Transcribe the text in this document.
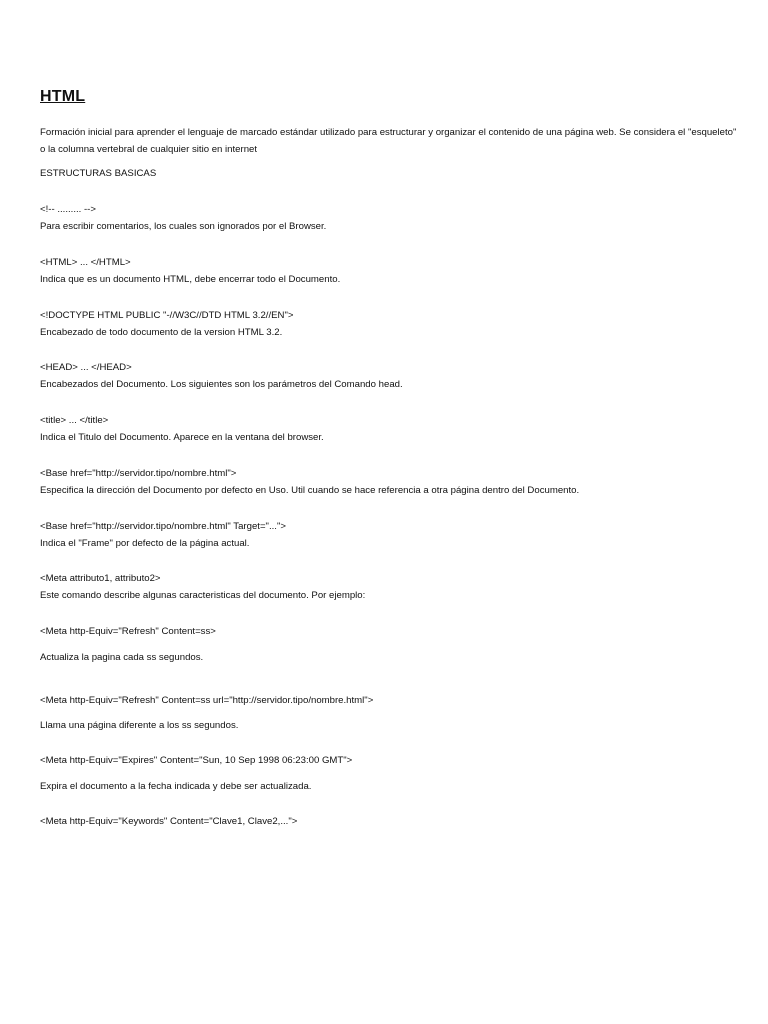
HTML

Formación inicial para aprender el lenguaje de marcado estándar utilizado para estructurar y organizar el contenido de una página web. Se considera el "esqueleto" o la columna vertebral de cualquier sitio en internet

ESTRUCTURAS BASICAS

<!-- ......... -->

Para escribir comentarios, los cuales son ignorados por el Browser.

<HTML> ... </HTML>

Indica que es un documento HTML, debe encerrar todo el Documento.

<!DOCTYPE HTML PUBLIC "-//W3C//DTD HTML 3.2//EN">

Encabezado de todo documento de la version HTML 3.2.

<HEAD> ... </HEAD>

Encabezados del Documento. Los siguientes son los parámetros del Comando head.

<title> ... </title>

Indica el Titulo del Documento. Aparece en la ventana del browser.

<Base href="http://servidor.tipo/nombre.html">

Especifica la dirección del Documento por defecto en Uso. Util cuando se hace referencia a otra página dentro del Documento.

<Base href="http://servidor.tipo/nombre.html" Target="...">

Indica el "Frame" por defecto de la página actual.

<Meta attributo1, attributo2>

Este comando describe algunas caracteristicas del documento. Por ejemplo:

<Meta http-Equiv="Refresh" Content=ss>

Actualiza la pagina cada ss segundos.

<Meta http-Equiv="Refresh" Content=ss url="http://servidor.tipo/nombre.html">

Llama una página diferente a los ss segundos.

<Meta http-Equiv="Expires" Content="Sun, 10 Sep 1998 06:23:00 GMT">

Expira el documento a la fecha indicada y debe ser actualizada.

<Meta http-Equiv="Keywords" Content="Clave1, Clave2,...">
